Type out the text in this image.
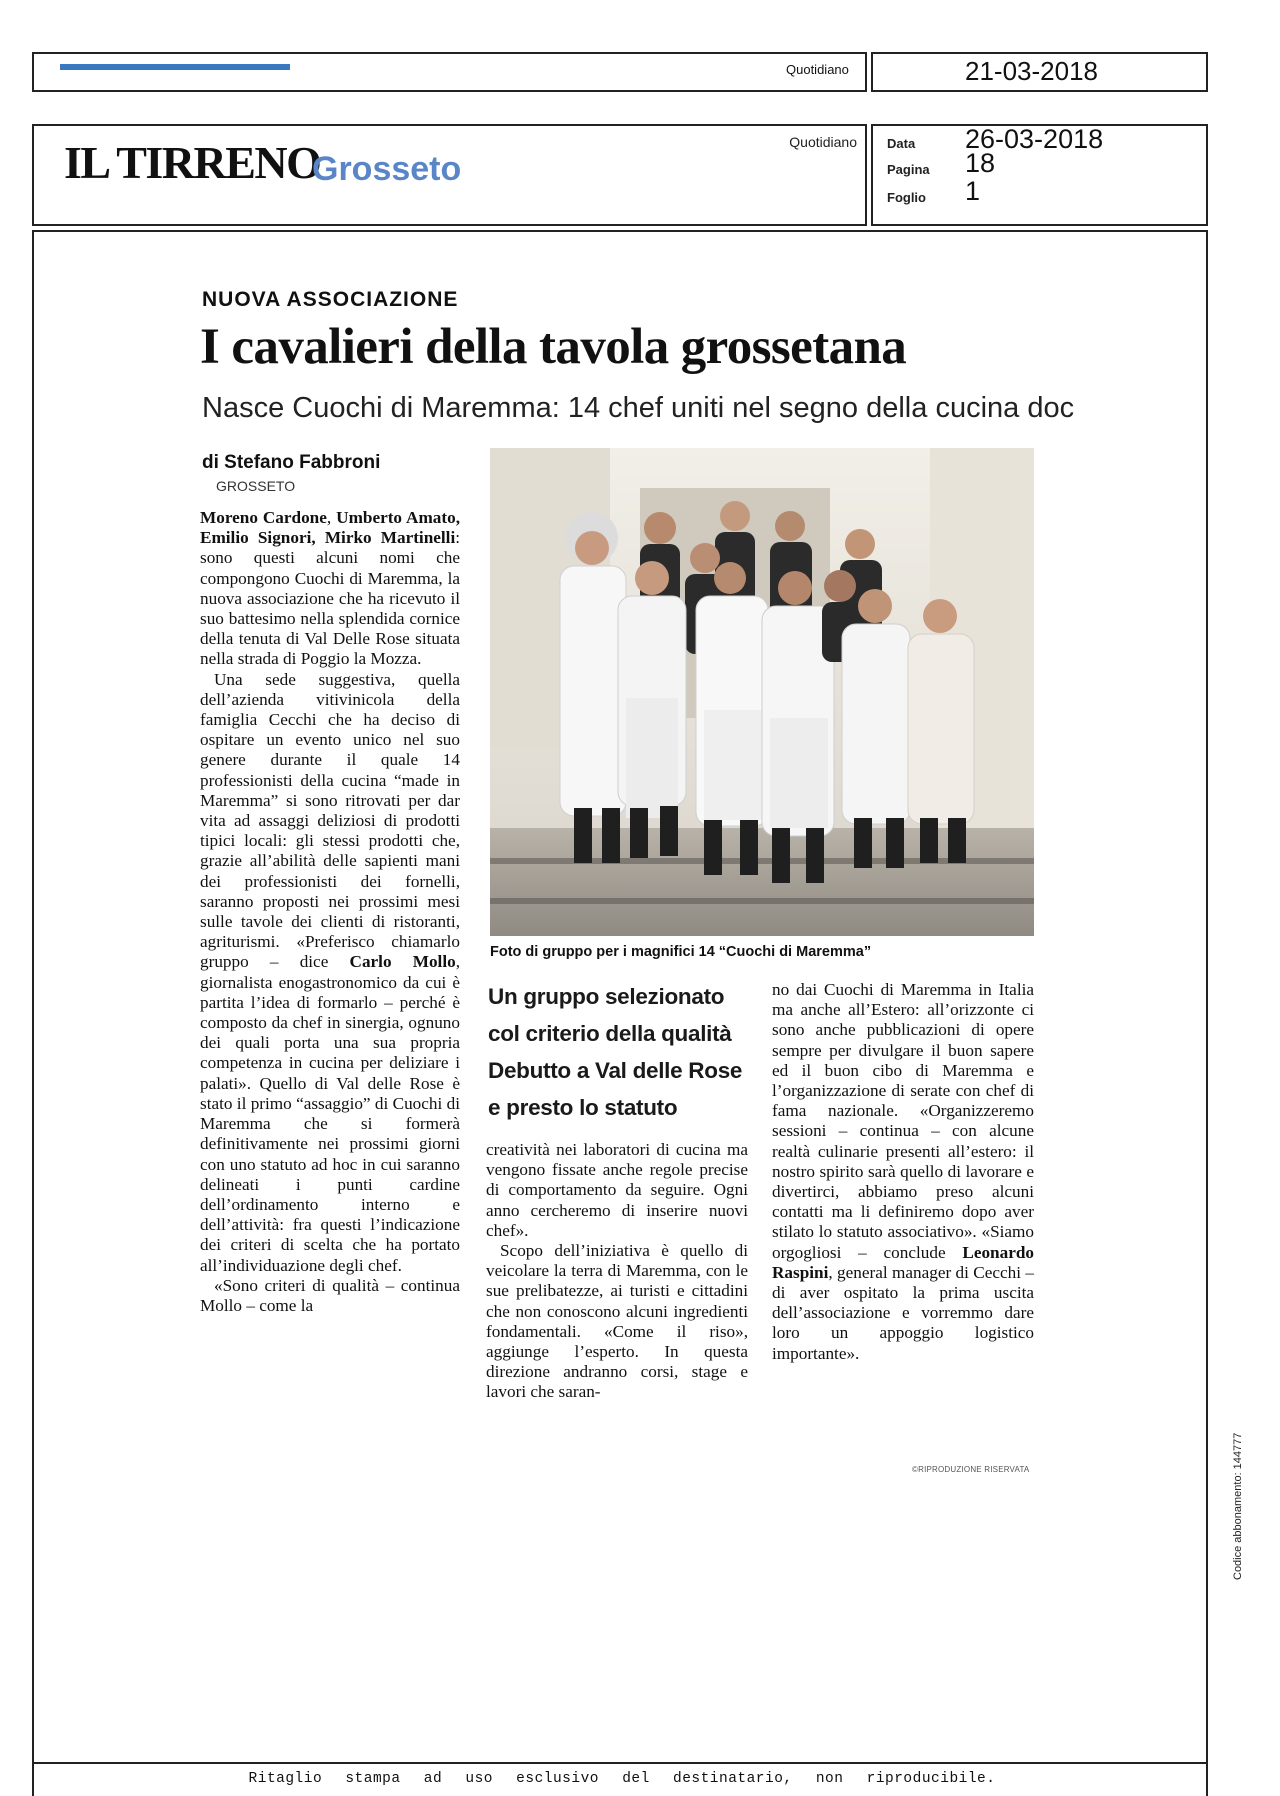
Quotidiano	21-03-2018
IL TIRRENO
Grosseto
Quotidiano Data 26-03-2018
Pagina 18
Foglio 1
NUOVA ASSOCIAZIONE
I cavalieri della tavola grossetana
Nasce Cuochi di Maremma: 14 chef uniti nel segno della cucina doc
di Stefano Fabbroni
GROSSETO

Moreno Cardone, Umberto Amato, Emilio Signori, Mirko Martinelli: sono questi alcuni nomi che compongono Cuochi di Maremma, la nuova associazione che ha ricevuto il suo battesimo nella splendida cornice della tenuta di Val Delle Rose situata nella strada di Poggio la Mozza.

Una sede suggestiva, quella dell’azienda vitivinicola della famiglia Cecchi che ha deciso di ospitare un evento unico nel suo genere durante il quale 14 professionisti della cucina “made in Maremma” si sono ritrovati per dar vita ad assaggi deliziosi di prodotti tipici locali: gli stessi prodotti che, grazie all’abilità delle sapienti mani dei professionisti dei fornelli, saranno proposti nei prossimi mesi sulle tavole dei clienti di ristoranti, agriturismi. «Preferisco chiamarlo gruppo – dice Carlo Mollo, giornalista enogastronomico da cui è partita l’idea di formarlo – perché è composto da chef in sinergia, ognuno dei quali porta una sua propria competenza in cucina per deliziare i palati». Quello di Val delle Rose è stato il primo “assaggio” di Cuochi di Maremma che si formerà definitivamente nei prossimi giorni con uno statuto ad hoc in cui saranno delineati i punti cardine dell’ordinamento interno e dell’attività: fra questi l’indicazione dei criteri di scelta che ha portato all’individuazione degli chef.

«Sono criteri di qualità – continua Mollo – come la

Foto di gruppo per i magnifici 14 “Cuochi di Maremma”
Un gruppo selezionato
col criterio della qualità
Debutto a Val delle Rose
e presto lo statuto

creatività nei laboratori di cucina ma vengono fissate anche regole precise di comportamento da seguire. Ogni anno cercheremo di inserire nuovi chef».

Scopo dell’iniziativa è quello di veicolare la terra di Maremma, con le sue prelibatezze, ai turisti e cittadini che non conoscono alcuni ingredienti fondamentali. «Come il riso», aggiunge l’esperto. In questa direzione andranno corsi, stage e lavori che saran-

no dai Cuochi di Maremma in Italia ma anche all’Estero: all’orizzonte ci sono anche pubblicazioni di opere sempre per divulgare il buon sapere ed il buon cibo di Maremma e l’organizzazione di serate con chef di fama nazionale. «Organizzeremo sessioni – continua – con alcune realtà culinarie presenti all’estero: il nostro spirito sarà quello di lavorare e divertirci, abbiamo preso alcuni contatti ma li definiremo dopo aver stilato lo statuto associativo». «Siamo orgogliosi – conclude Leonardo Raspini, general manager di Cecchi – di aver ospitato la prima uscita dell’associazione e vorremmo dare loro un appoggio logistico importante».

©RIPRODUZIONE RISERVATA
Ritaglio stampa ad uso esclusivo del destinatario, non riproducibile.
Codice abbonamento: 144777
